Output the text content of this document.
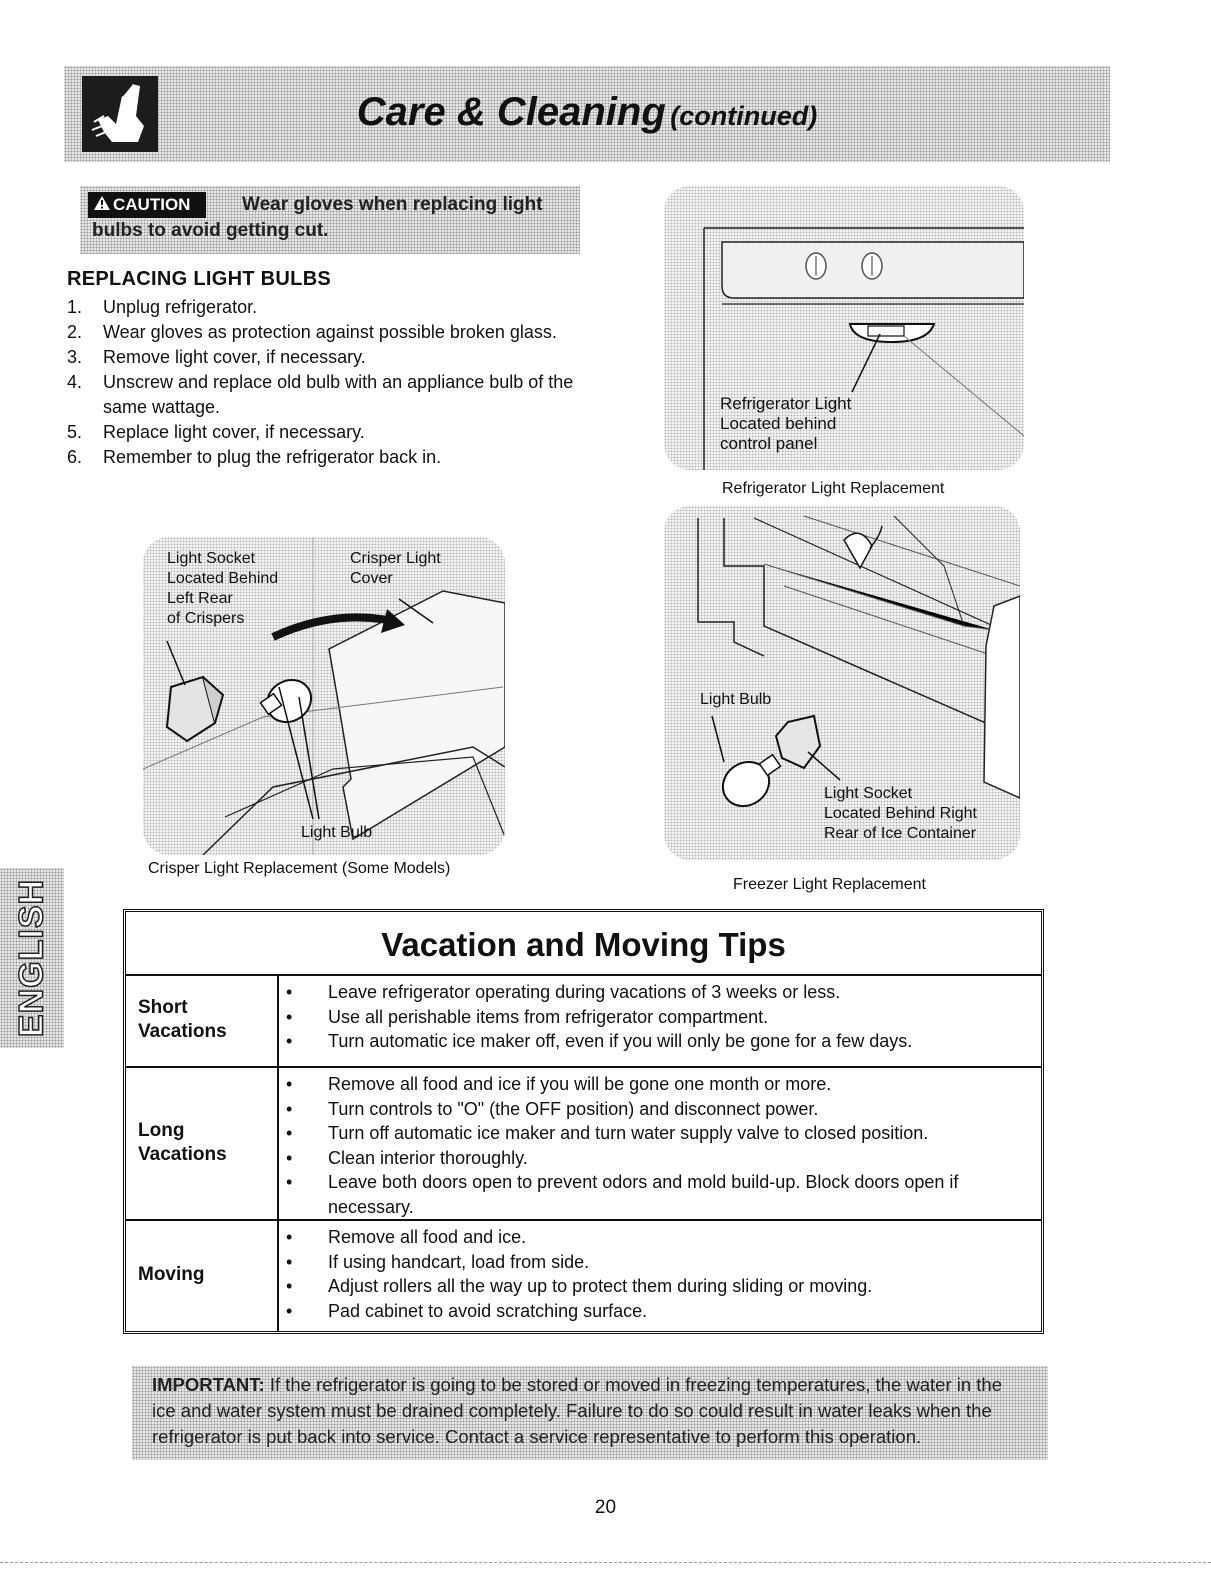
Care & Cleaning (continued)
Wear gloves when replacing light bulbs to avoid getting cut.
CAUTION
REPLACING LIGHT BULBS
1. Unplug refrigerator.
2. Wear gloves as protection against possible broken glass.
3. Remove light cover, if necessary.
4. Unscrew and replace old bulb with an appliance bulb of the same wattage.
5. Replace light cover, if necessary.
6. Remember to plug the refrigerator back in.
Light Socket
Located Behind
Left Rear
of Crispers
Crisper Light
Cover
Light Bulb
Crisper Light Replacement (Some Models)
Refrigerator Light
Located behind
control panel
Refrigerator Light Replacement
Light Bulb
Light Socket
Located Behind Right
Rear of Ice Container
Freezer Light Replacement
ENGLISH	Vacation and Moving Tips
Short
Vacations
• Leave refrigerator operating during vacations of 3 weeks or less.
• Use all perishable items from refrigerator compartment.
• Turn automatic ice maker off, even if you will only be gone for a few days.
Long
Vacations
• Remove all food and ice if you will be gone one month or more.
• Turn controls to "O" (the OFF position) and disconnect power.
• Turn off automatic ice maker and turn water supply valve to closed position.
• Clean interior thoroughly.
• Leave both doors open to prevent odors and mold build-up. Block doors open if necessary.
Moving
• Remove all food and ice.
• If using handcart, load from side.
• Adjust rollers all the way up to protect them during sliding or moving.
• Pad cabinet to avoid scratching surface.
IMPORTANT: If the refrigerator is going to be stored or moved in freezing temperatures, the water in the ice and water system must be drained completely. Failure to do so could result in water leaks when the refrigerator is put back into service. Contact a service representative to perform this operation.
20
